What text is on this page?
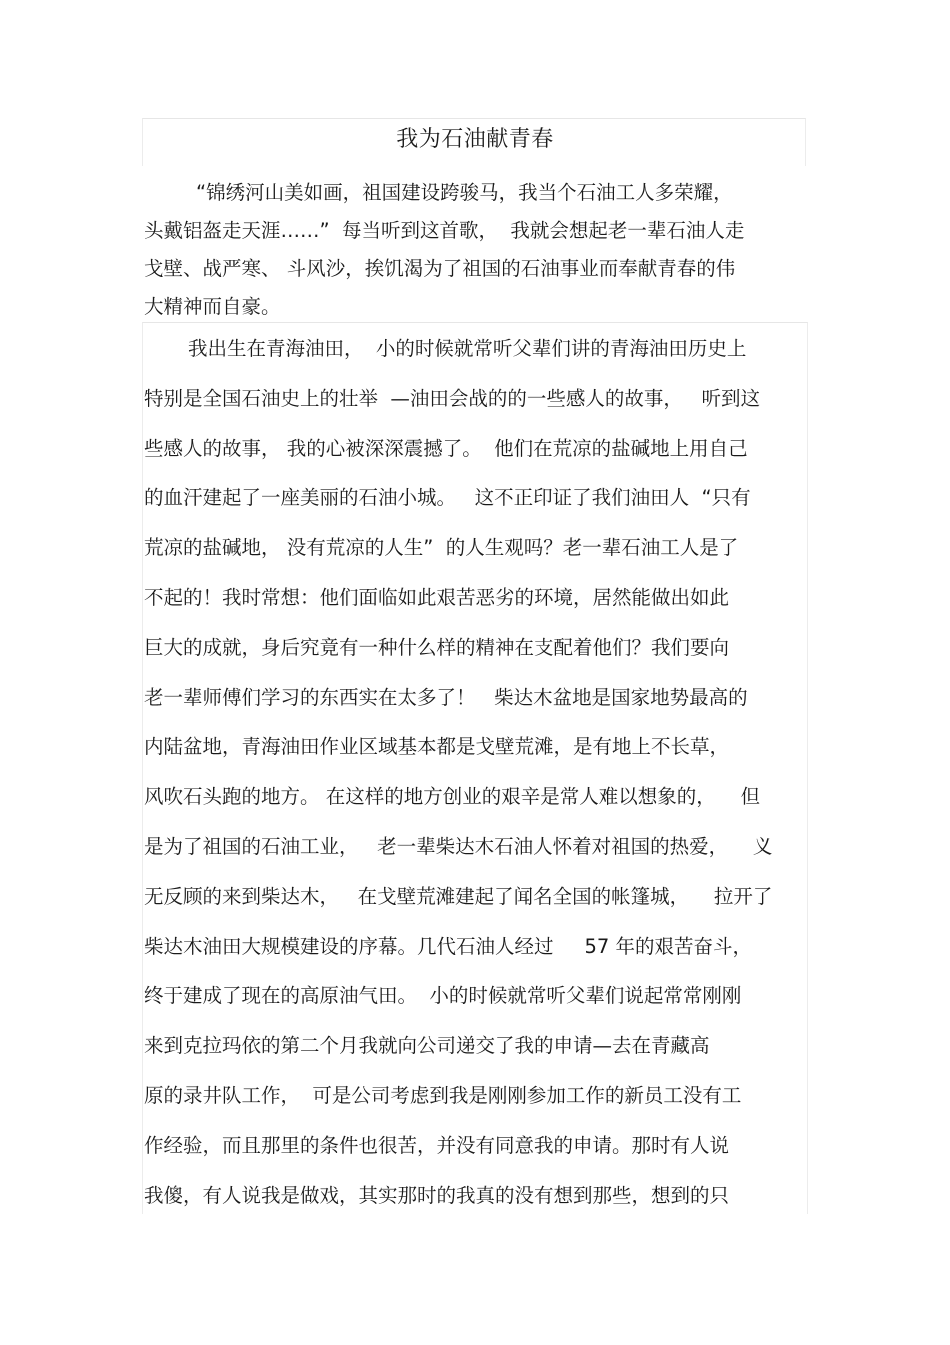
我为石油献青春

“锦绣河山美如画，祖国建设跨骏马，我当个石油工人多荣耀，
头戴铝盔走天涯……”  每当听到这首歌，  我就会想起老一辈石油人走
戈壁、战严寒、 斗风沙，挨饥渴为了祖国的石油事业而奉献青春的伟
大精神而自豪。

我出生在青海油田，  小的时候就常听父辈们讲的青海油田历史上
特别是全国石油史上的壮举  —油田会战的的一些感人的故事，   听到这
些感人的故事， 我的心被深深震撼了。  他们在荒凉的盐碱地上用自己
的血汗建起了一座美丽的石油小城。   这不正印证了我们油田人  “只有
荒凉的盐碱地， 没有荒凉的人生”  的人生观吗？老一辈石油工人是了
不起的！我时常想：他们面临如此艰苦恶劣的环境，居然能做出如此
巨大的成就，身后究竟有一种什么样的精神在支配着他们？我们要向
老一辈师傅们学习的东西实在太多了！   柴达木盆地是国家地势最高的
内陆盆地，青海油田作业区域基本都是戈壁荒滩，是有地上不长草，
风吹石头跑的地方。 在这样的地方创业的艰辛是常人难以想象的，    但
是为了祖国的石油工业，   老一辈柴达木石油人怀着对祖国的热爱，    义
无反顾的来到柴达木，   在戈壁荒滩建起了闻名全国的帐篷城，    拉开了
柴达木油田大规模建设的序幕。几代石油人经过     57 年的艰苦奋斗，
终于建成了现在的高原油气田。  小的时候就常听父辈们说起常常刚刚
来到克拉玛依的第二个月我就向公司递交了我的申请—去在青藏高
原的录井队工作，  可是公司考虑到我是刚刚参加工作的新员工没有工
作经验，而且那里的条件也很苦，并没有同意我的申请。那时有人说
我傻，有人说我是做戏，其实那时的我真的没有想到那些，想到的只
